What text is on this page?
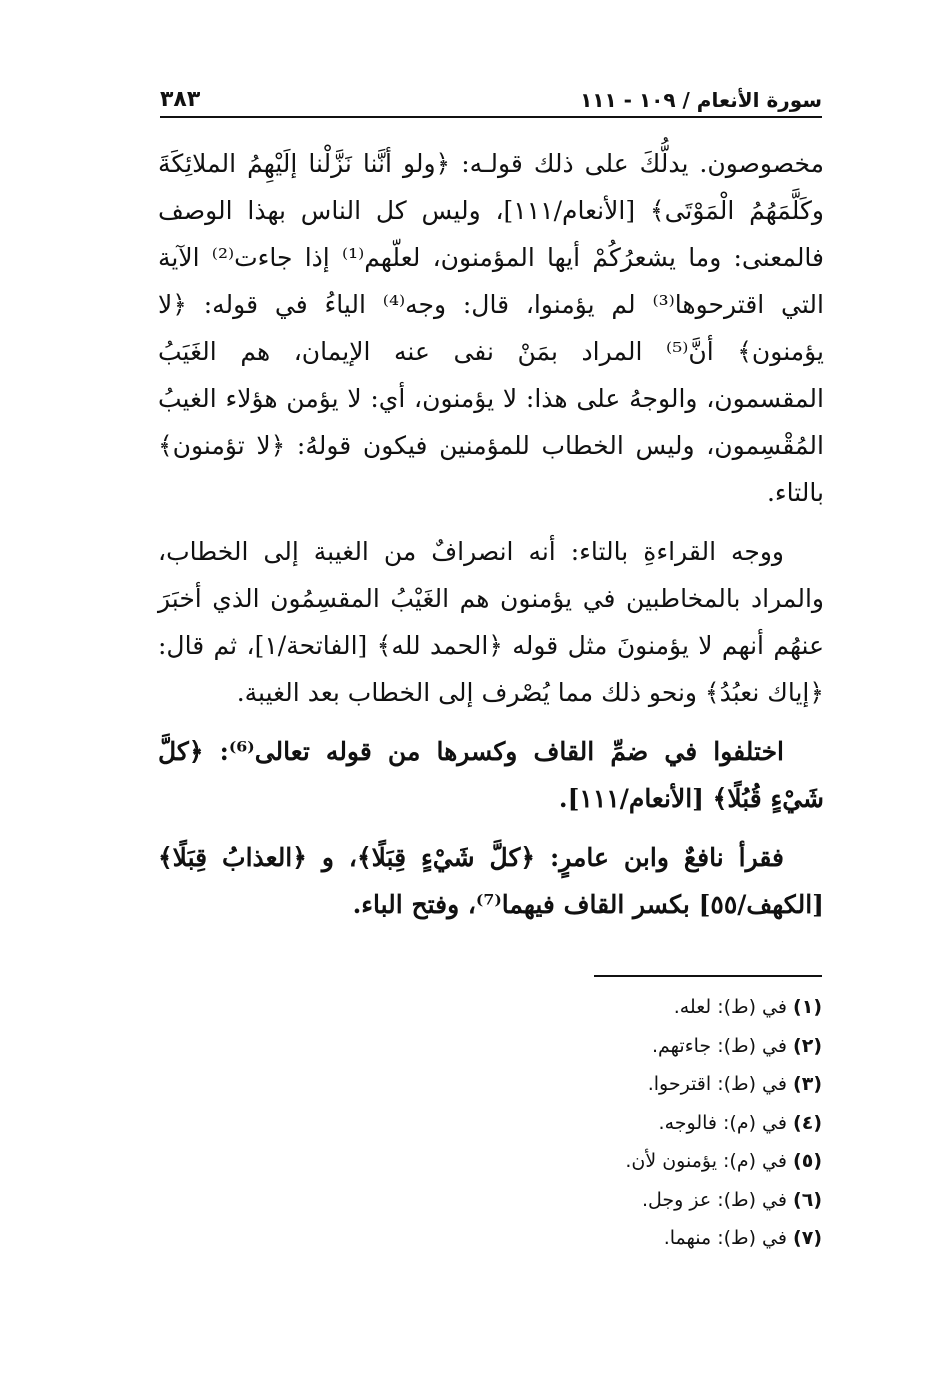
سورة الأنعام / ١٠٩ - ١١١
٣٨٣

مخصوصون. يدلُّكَ على ذلك قولـه: ﴿ولو أنَّنا نَزَّلْنا إلَيْهِمُ الملائِكَةَ وكَلَّمَهُمُ الْمَوْتَى﴾ [الأنعام/١١١]، وليس كل الناس بهذا الوصف فالمعنى: وما يشعرُكُمْ أيها المؤمنون، لعلّهم⁽¹⁾ إذا جاءت⁽²⁾ الآية التي اقترحوها⁽³⁾ لم يؤمنوا، قال: وجه⁽⁴⁾ الياءُ في قوله: ﴿لا يؤمنون﴾ أنَّ⁽⁵⁾ المراد بمَنْ نفى عنه الإيمان، هم الغَيَبُ المقسمون، والوجهُ على هذا: لا يؤمنون، أي: لا يؤمن هؤلاء الغيبُ المُقْسِمون، وليس الخطاب للمؤمنين فيكون قولهُ: ﴿لا تؤمنون﴾ بالتاء.

ووجه القراءةِ بالتاء: أنه انصرافٌ من الغيبة إلى الخطاب، والمراد بالمخاطبين في يؤمنون هم الغَيْبُ المقسِمُون الذي أخبَرَ عنهُم أنهم لا يؤمنونَ مثل قوله ﴿الحمد لله﴾ [الفاتحة/١]، ثم قال: ﴿إياك نعبُدُ﴾ ونحو ذلك مما يُصْرف إلى الخطاب بعد الغيبة.

اختلفوا في ضمِّ القاف وكسرها من قوله تعالى⁽⁶⁾: ﴿كلَّ شَيْءٍ قُبُلًا﴾ [الأنعام/١١١].

فقرأ نافعٌ وابن عامرٍ: ﴿كلَّ شَيْءٍ قِبَلًا﴾، و ﴿العذابُ قِبَلًا﴾ [الكهف/٥٥] بكسر القاف فيهما⁽⁷⁾، وفتح الباء.

(١) في (ط): لعله.

(٢) في (ط): جاءتهم.

(٣) في (ط): اقترحوا.

(٤) في (م): فالوجه.

(٥) في (م): يؤمنون لأن.

(٦) في (ط): عز وجل.

(٧) في (ط): منهما.
